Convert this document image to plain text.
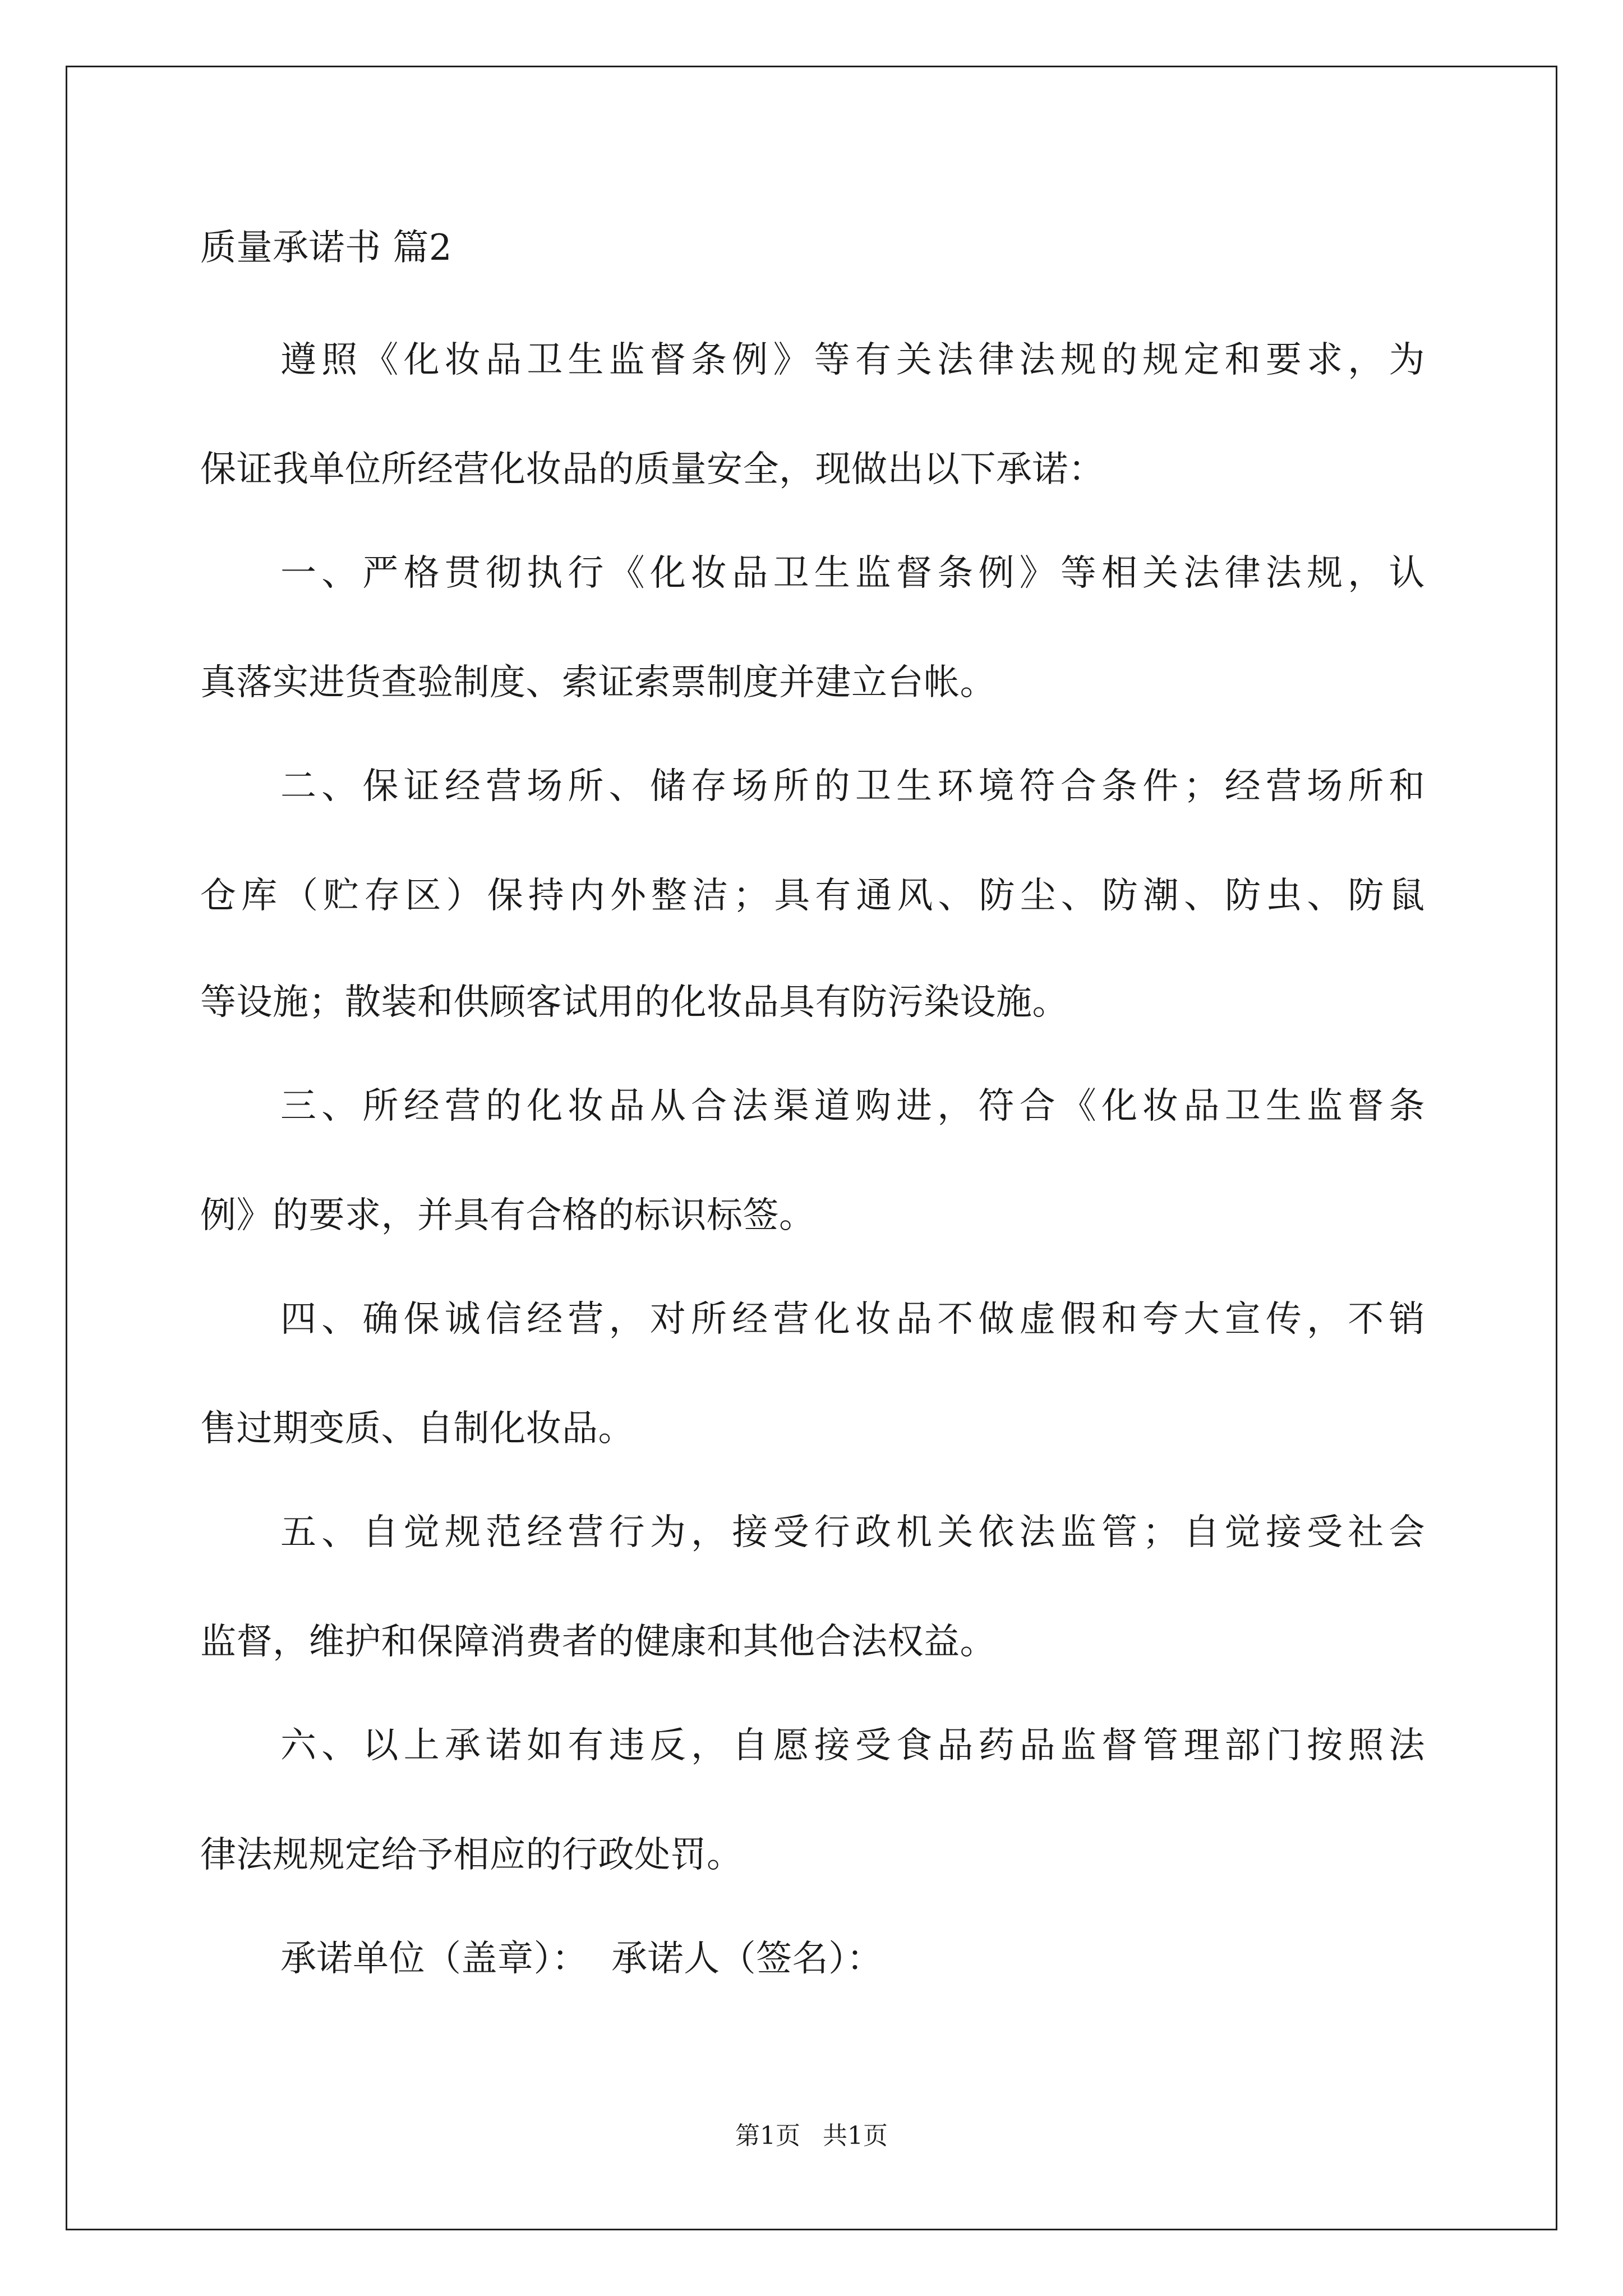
质量承诺书 篇2
遵照《化妆品卫生监督条例》等有关法律法规的规定和要求，为
保证我单位所经营化妆品的质量安全，现做出以下承诺：
一、严格贯彻执行《化妆品卫生监督条例》等相关法律法规，认
真落实进货查验制度、索证索票制度并建立台帐。
二、保证经营场所、储存场所的卫生环境符合条件；经营场所和
仓库（贮存区）保持内外整洁；具有通风、防尘、防潮、防虫、防鼠
等设施；散装和供顾客试用的化妆品具有防污染设施。
三、所经营的化妆品从合法渠道购进，符合《化妆品卫生监督条
例》的要求，并具有合格的标识标签。
四、确保诚信经营，对所经营化妆品不做虚假和夸大宣传，不销
售过期变质、自制化妆品。
五、自觉规范经营行为，接受行政机关依法监管；自觉接受社会
监督，维护和保障消费者的健康和其他合法权益。
六、以上承诺如有违反，自愿接受食品药品监督管理部门按照法
律法规规定给予相应的行政处罚。
承诺单位（盖章）：  承诺人（签名）：
第1页 共1页
